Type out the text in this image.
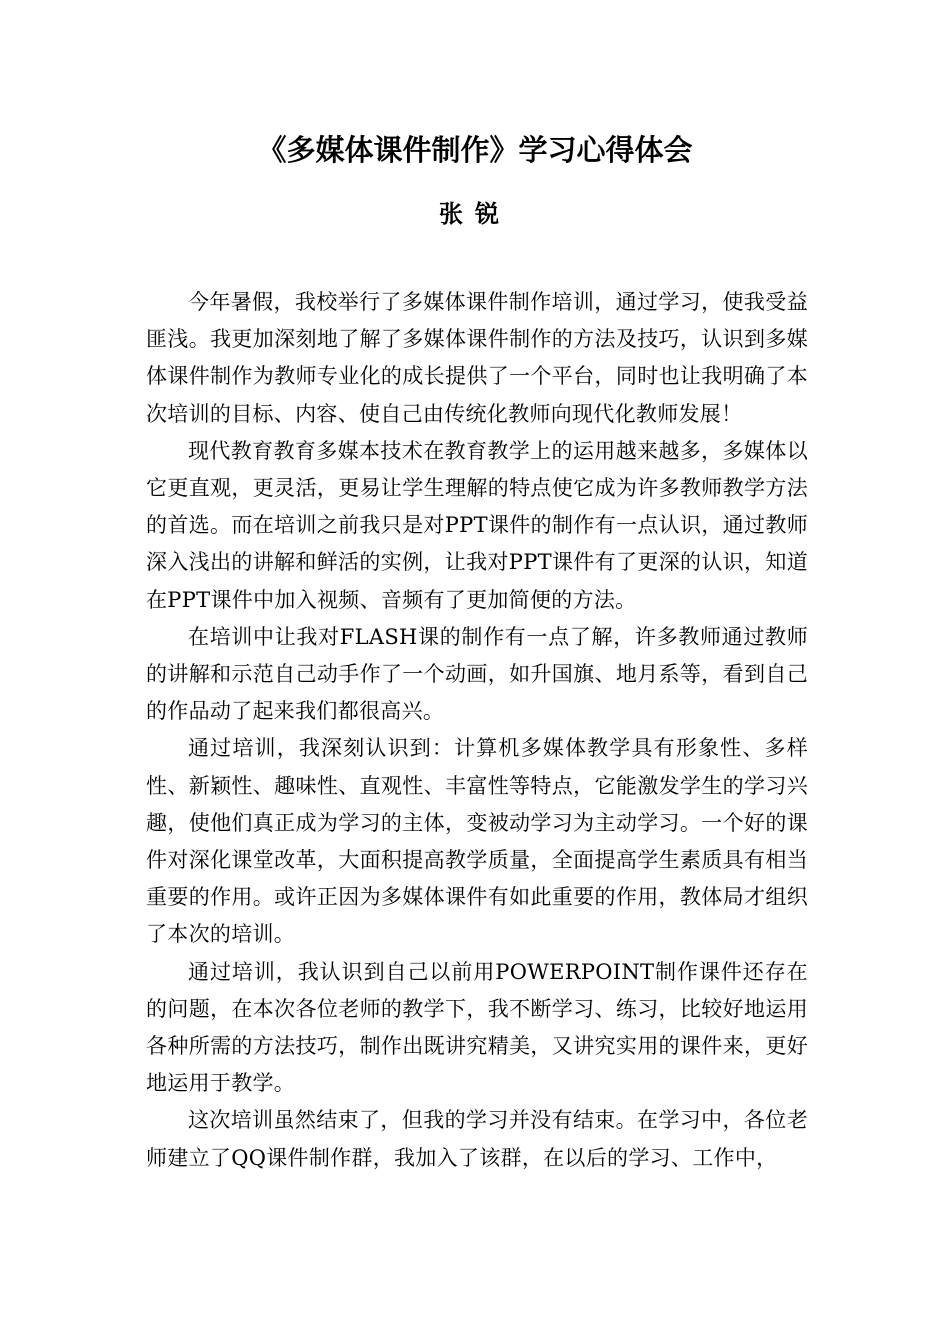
《多媒体课件制作》学习心得体会
张锐

今年暑假，我校举行了多媒体课件制作培训，通过学习，使我受益匪浅。我更加深刻地了解了多媒体课件制作的方法及技巧，认识到多媒体课件制作为教师专业化的成长提供了一个平台，同时也让我明确了本次培训的目标、内容、使自己由传统化教师向现代化教师发展！

现代教育教育多媒本技术在教育教学上的运用越来越多，多媒体以它更直观，更灵活，更易让学生理解的特点使它成为许多教师教学方法的首选。而在培训之前我只是对PPT课件的制作有一点认识，通过教师深入浅出的讲解和鲜活的实例，让我对PPT课件有了更深的认识，知道在PPT课件中加入视频、音频有了更加简便的方法。

在培训中让我对FLASH课的制作有一点了解，许多教师通过教师的讲解和示范自己动手作了一个动画，如升国旗、地月系等，看到自己的作品动了起来我们都很高兴。

通过培训，我深刻认识到：计算机多媒体教学具有形象性、多样性、新颖性、趣味性、直观性、丰富性等特点，它能激发学生的学习兴趣，使他们真正成为学习的主体，变被动学习为主动学习。一个好的课件对深化课堂改革，大面积提高教学质量，全面提高学生素质具有相当重要的作用。或许正因为多媒体课件有如此重要的作用，教体局才组织了本次的培训。

通过培训，我认识到自己以前用POWERPOINT制作课件还存在的问题，在本次各位老师的教学下，我不断学习、练习，比较好地运用各种所需的方法技巧，制作出既讲究精美，又讲究实用的课件来，更好地运用于教学。

这次培训虽然结束了，但我的学习并没有结束。在学习中，各位老师建立了QQ课件制作群，我加入了该群，在以后的学习、工作中，
